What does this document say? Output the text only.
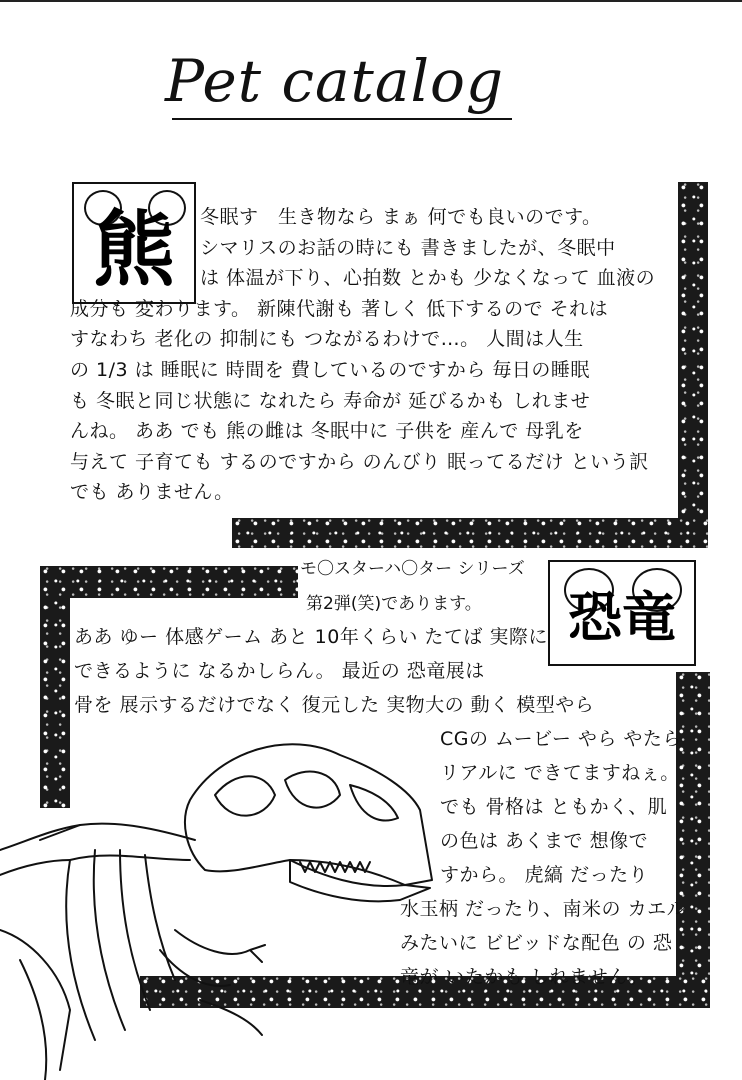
Pet catalog
熊 冬眠す　生き物なら まぁ 何でも良いのです。
シマリスのお話の時にも 書きましたが、冬眠中
は 体温が下り、心拍数 とかも 少なくなって 血液の
成分も 変わります。 新陳代謝も 著しく 低下するので それは
すなわち 老化の 抑制にも つながるわけで…。 人間は人生
の 1/3 は 睡眠に 時間を 費しているのですから 毎日の睡眠
も 冬眠と同じ状態に なれたら 寿命が 延びるかも しれませ
んね。 ああ でも 熊の雌は 冬眠中に 子供を 産んで 母乳を
与えて 子育ても するのですから のんびり 眠ってるだけ という訳
でも ありません。
モ〇スターハ〇ター シリーズ
第2弾(笑)であります。	恐竜
ああ ゆー 体感ゲーム あと 10年くらい たてば 実際に
できるように なるかしらん。 最近の 恐竜展は
骨を 展示するだけでなく 復元した 実物大の 動く 模型やら
CGの ムービー やら やたら
リアルに できてますねぇ。
でも 骨格は ともかく、肌
の色は あくまで 想像で
すから。 虎縞 だったり
水玉柄 だったり、南米の カエル みたいに ビビッドな配色 の 恐竜が いたかも しれません。
